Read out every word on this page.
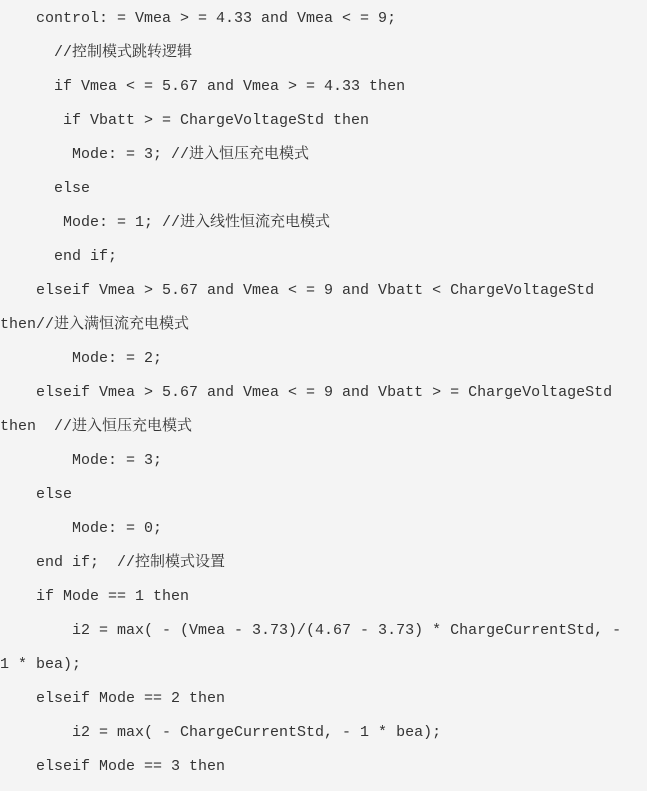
control: = Vmea > = 4.33 and Vmea < = 9;
//控制模式跳转逻辑
if Vmea < = 5.67 and Vmea > = 4.33 then
if Vbatt > = ChargeVoltageStd then
Mode: = 3; //进入恒压充电模式
else
Mode: = 1; //进入线性恒流充电模式
end if;
elseif Vmea > 5.67 and Vmea < = 9 and Vbatt < ChargeVoltageStd
then//进入满恒流充电模式
Mode: = 2;
elseif Vmea > 5.67 and Vmea < = 9 and Vbatt > = ChargeVoltageStd
then  //进入恒压充电模式
Mode: = 3;
else
Mode: = 0;
end if;  //控制模式设置
if Mode == 1 then
i2 = max( - (Vmea - 3.73)/(4.67 - 3.73) * ChargeCurrentStd, -
1 * bea);
elseif Mode == 2 then
i2 = max( - ChargeCurrentStd, - 1 * bea);
elseif Mode == 3 then
